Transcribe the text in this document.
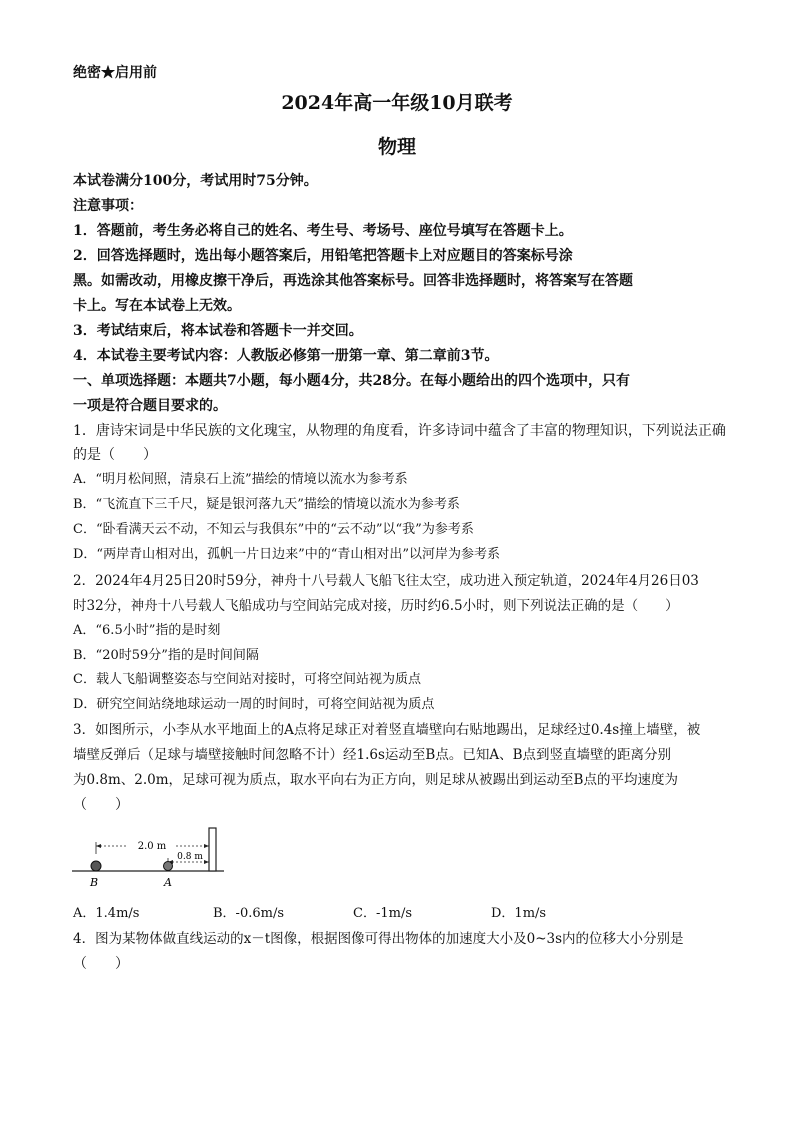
绝密★启用前
2024年高一年级10月联考
物理
本试卷满分100分，考试用时75分钟。
注意事项：
1．答题前，考生务必将自己的姓名、考生号、考场号、座位号填写在答题卡上。
2．回答选择题时，选出每小题答案后，用铅笔把答题卡上对应题目的答案标号涂
黑。如需改动，用橡皮擦干净后，再选涂其他答案标号。回答非选择题时，将答案写在答题
卡上。写在本试卷上无效。
3．考试结束后，将本试卷和答题卡一并交回。
4．本试卷主要考试内容：人教版必修第一册第一章、第二章前3节。
一、单项选择题：本题共7小题，每小题4分，共28分。在每小题给出的四个选项中，只有
一项是符合题目要求的。
1．唐诗宋词是中华民族的文化瑰宝，从物理的角度看，许多诗词中蕴含了丰富的物理知识，下列说法正确
的是（　　）
A．“明月松间照，清泉石上流”描绘的情境以流水为参考系
B．“飞流直下三千尺，疑是银河落九天”描绘的情境以流水为参考系
C．“卧看满天云不动，不知云与我俱东”中的“云不动”以“我”为参考系
D．“两岸青山相对出，孤帆一片日边来”中的“青山相对出”以河岸为参考系
2．2024年4月25日20时59分，神舟十八号载人飞船飞往太空，成功进入预定轨道，2024年4月26日03
时32分，神舟十八号载人飞船成功与空间站完成对接，历时约6.5小时，则下列说法正确的是（　　）
A．“6.5小时”指的是时刻
B．“20时59分”指的是时间间隔
C．载人飞船调整姿态与空间站对接时，可将空间站视为质点
D．研究空间站绕地球运动一周的时间时，可将空间站视为质点
3．如图所示，小李从水平地面上的A点将足球正对着竖直墙壁向右贴地踢出，足球经过0.4s撞上墙壁，被
墙壁反弹后（足球与墙壁接触时间忽略不计）经1.6s运动至B点。已知A、B点到竖直墙壁的距离分别
为0.8m、2.0m，足球可视为质点，取水平向右为正方向，则足球从被踢出到运动至B点的平均速度为
（　　）
2.0 m
0.8 m
B	A
A．1.4m/s	B．-0.6m/s	C．-1m/s	D．1m/s
4．图为某物体做直线运动的x－t图像，根据图像可得出物体的加速度大小及0~3s内的位移大小分别是
（　　）
